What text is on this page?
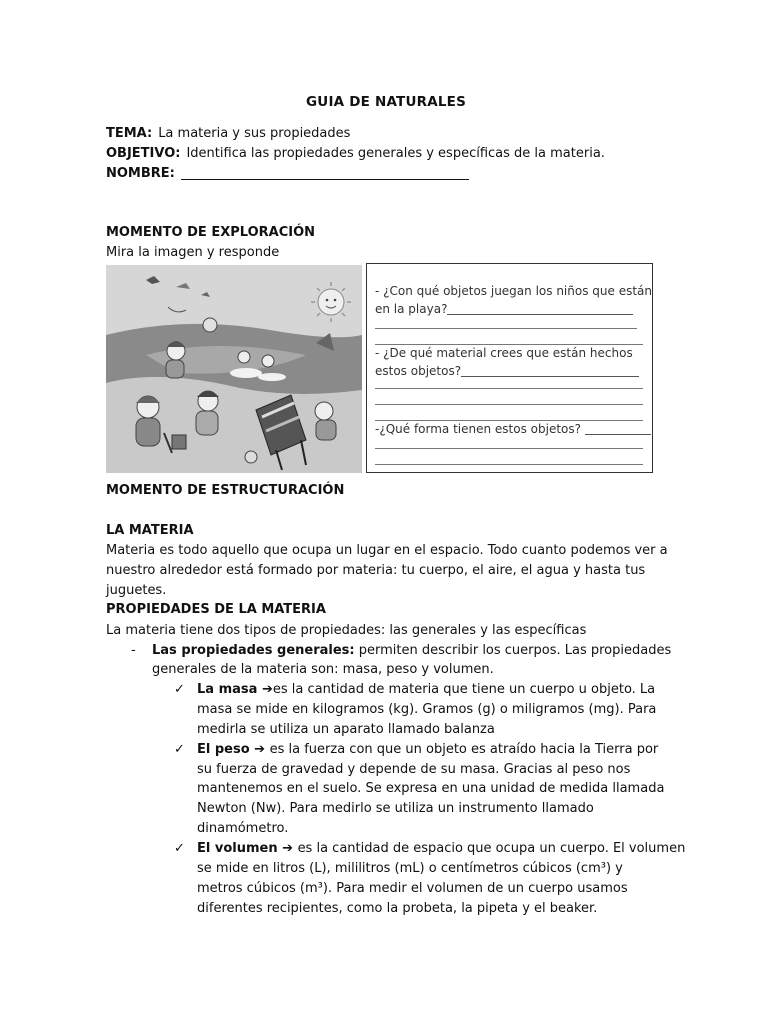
GUIA DE NATURALES
TEMA: La materia y sus propiedades
OBJETIVO: Identifica las propiedades generales y específicas de la materia.
NOMBRE:
MOMENTO DE EXPLORACIÓN
Mira la imagen y responde
- ¿Con qué objetos juegan los niños que están
en la playa?
- ¿De qué material crees que están hechos
estos objetos?
-¿Qué forma tienen estos objetos?
MOMENTO DE ESTRUCTURACIÓN
LA MATERIA
Materia es todo aquello que ocupa un lugar en el espacio. Todo cuanto podemos ver a
nuestro alrededor está formado por materia: tu cuerpo, el aire, el agua y hasta tus
juguetes.
PROPIEDADES DE LA MATERIA
La materia tiene dos tipos de propiedades: las generales y las específicas
- Las propiedades generales: permiten describir los cuerpos. Las propiedades
generales de la materia son: masa, peso y volumen.
✓ La masa ➔es la cantidad de materia que tiene un cuerpo u objeto. La
masa se mide en kilogramos (kg). Gramos (g) o miligramos (mg). Para
medirla se utiliza un aparato llamado balanza
✓ El peso ➔ es la fuerza con que un objeto es atraído hacia la Tierra por
su fuerza de gravedad y depende de su masa. Gracias al peso nos
mantenemos en el suelo. Se expresa en una unidad de medida llamada
Newton (Nw). Para medirlo se utiliza un instrumento llamado
dinamómetro.
✓ El volumen ➔ es la cantidad de espacio que ocupa un cuerpo. El volumen
se mide en litros (L), mililitros (mL) o centímetros cúbicos (cm³) y
metros cúbicos (m³). Para medir el volumen de un cuerpo usamos
diferentes recipientes, como la probeta, la pipeta y el beaker.
